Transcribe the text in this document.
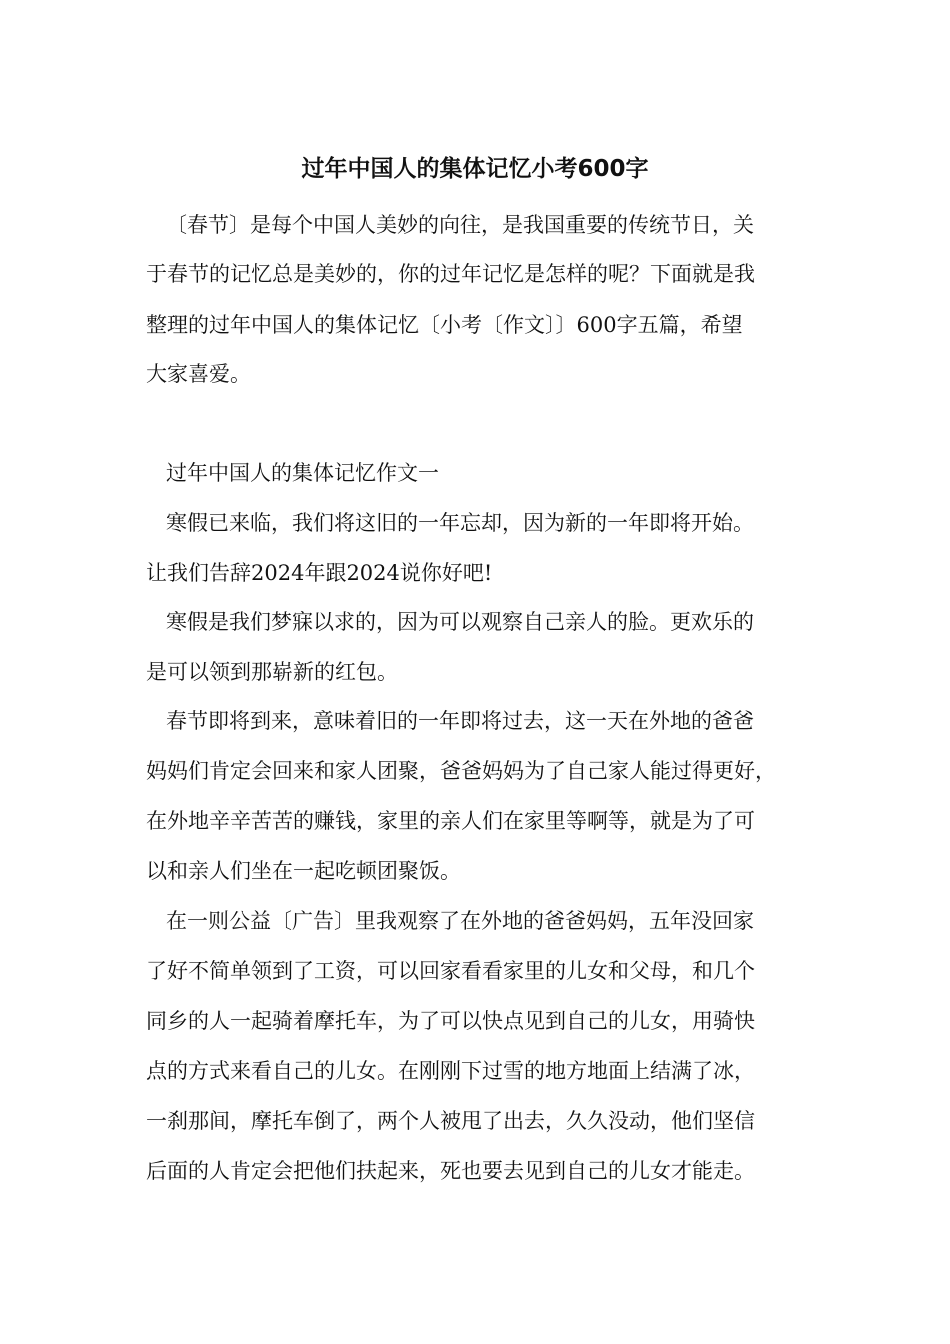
过年中国人的集体记忆小考600字

〔春节〕是每个中国人美妙的向往，是我国重要的传统节日，关

于春节的记忆总是美妙的，你的过年记忆是怎样的呢？下面就是我

整理的过年中国人的集体记忆〔小考〔作文〕〕600字五篇，希望

大家喜爱。

过年中国人的集体记忆作文一

寒假已来临，我们将这旧的一年忘却，因为新的一年即将开始。

让我们告辞2024年跟2024说你好吧!

寒假是我们梦寐以求的，因为可以观察自己亲人的脸。更欢乐的

是可以领到那崭新的红包。

春节即将到来，意味着旧的一年即将过去，这一天在外地的爸爸

妈妈们肯定会回来和家人团聚，爸爸妈妈为了自己家人能过得更好，

在外地辛辛苦苦的赚钱，家里的亲人们在家里等啊等，就是为了可

以和亲人们坐在一起吃顿团聚饭。

在一则公益〔广告〕里我观察了在外地的爸爸妈妈，五年没回家

了好不简单领到了工资，可以回家看看家里的儿女和父母，和几个

同乡的人一起骑着摩托车，为了可以快点见到自己的儿女，用骑快

点的方式来看自己的儿女。在刚刚下过雪的地方地面上结满了冰，

一刹那间，摩托车倒了，两个人被甩了出去，久久没动，他们坚信

后面的人肯定会把他们扶起来，死也要去见到自己的儿女才能走。
